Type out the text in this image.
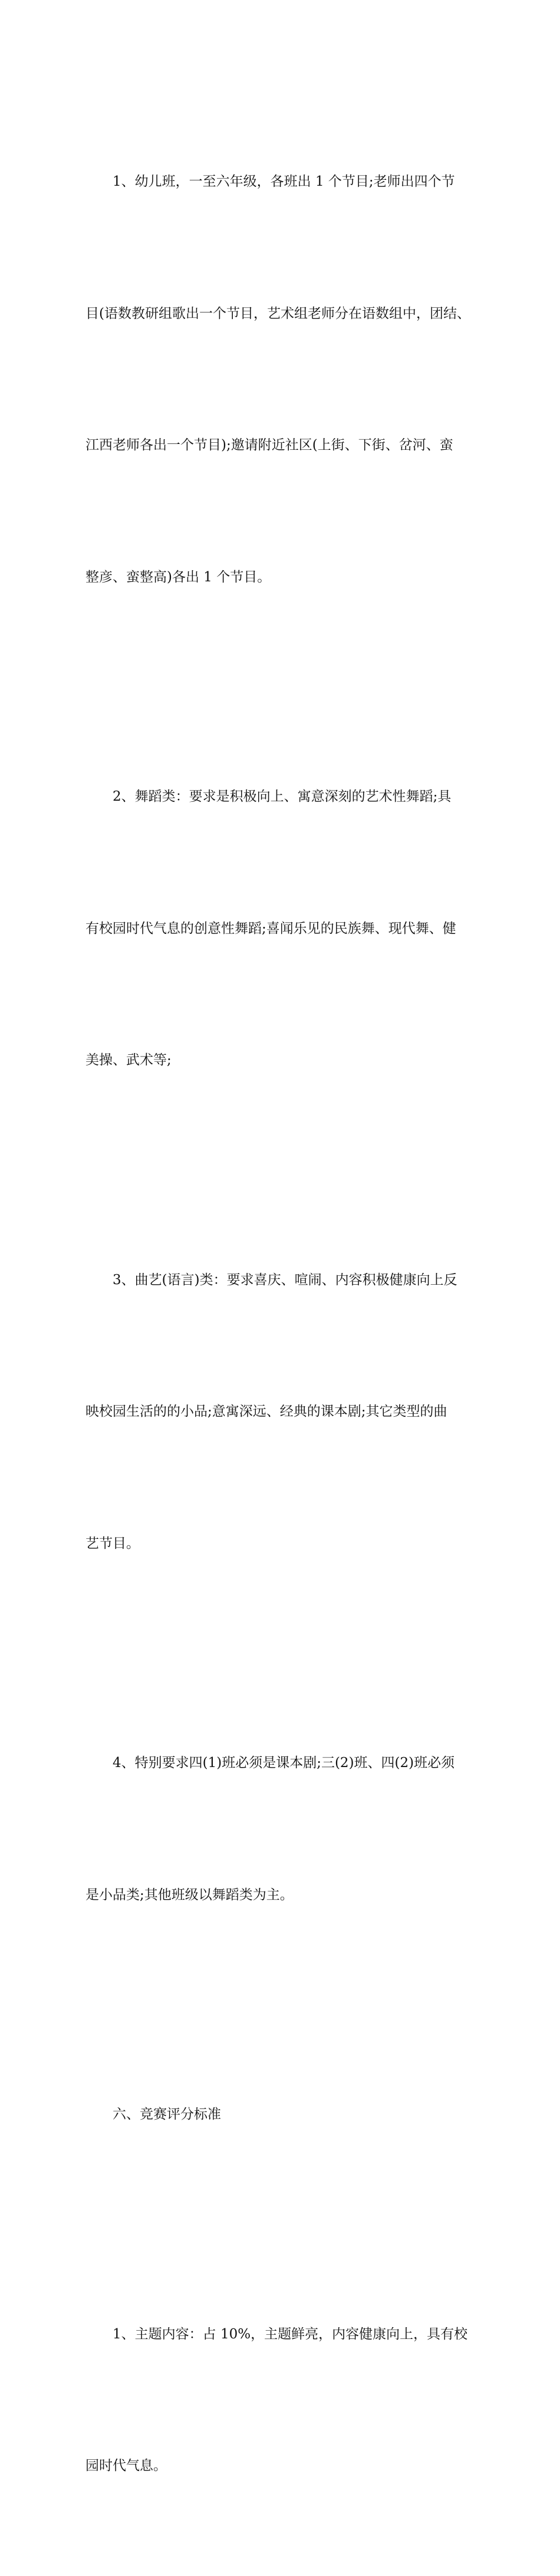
1、幼儿班，一至六年级，各班出 1 个节目;老师出四个节

目(语数教研组歌出一个节目，艺术组老师分在语数组中，团结、

江西老师各出一个节目);邀请附近社区(上街、下街、岔河、蛮

整彦、蛮整高)各出 1 个节目。

2、舞蹈类：要求是积极向上、寓意深刻的艺术性舞蹈;具

有校园时代气息的创意性舞蹈;喜闻乐见的民族舞、现代舞、健

美操、武术等;

3、曲艺(语言)类：要求喜庆、喧闹、内容积极健康向上反

映校园生活的的小品;意寓深远、经典的课本剧;其它类型的曲

艺节目。

4、特别要求四(1)班必须是课本剧;三(2)班、四(2)班必须

是小品类;其他班级以舞蹈类为主。

六、竞赛评分标准

1、主题内容：占 10%，主题鲜亮，内容健康向上，具有校

园时代气息。
